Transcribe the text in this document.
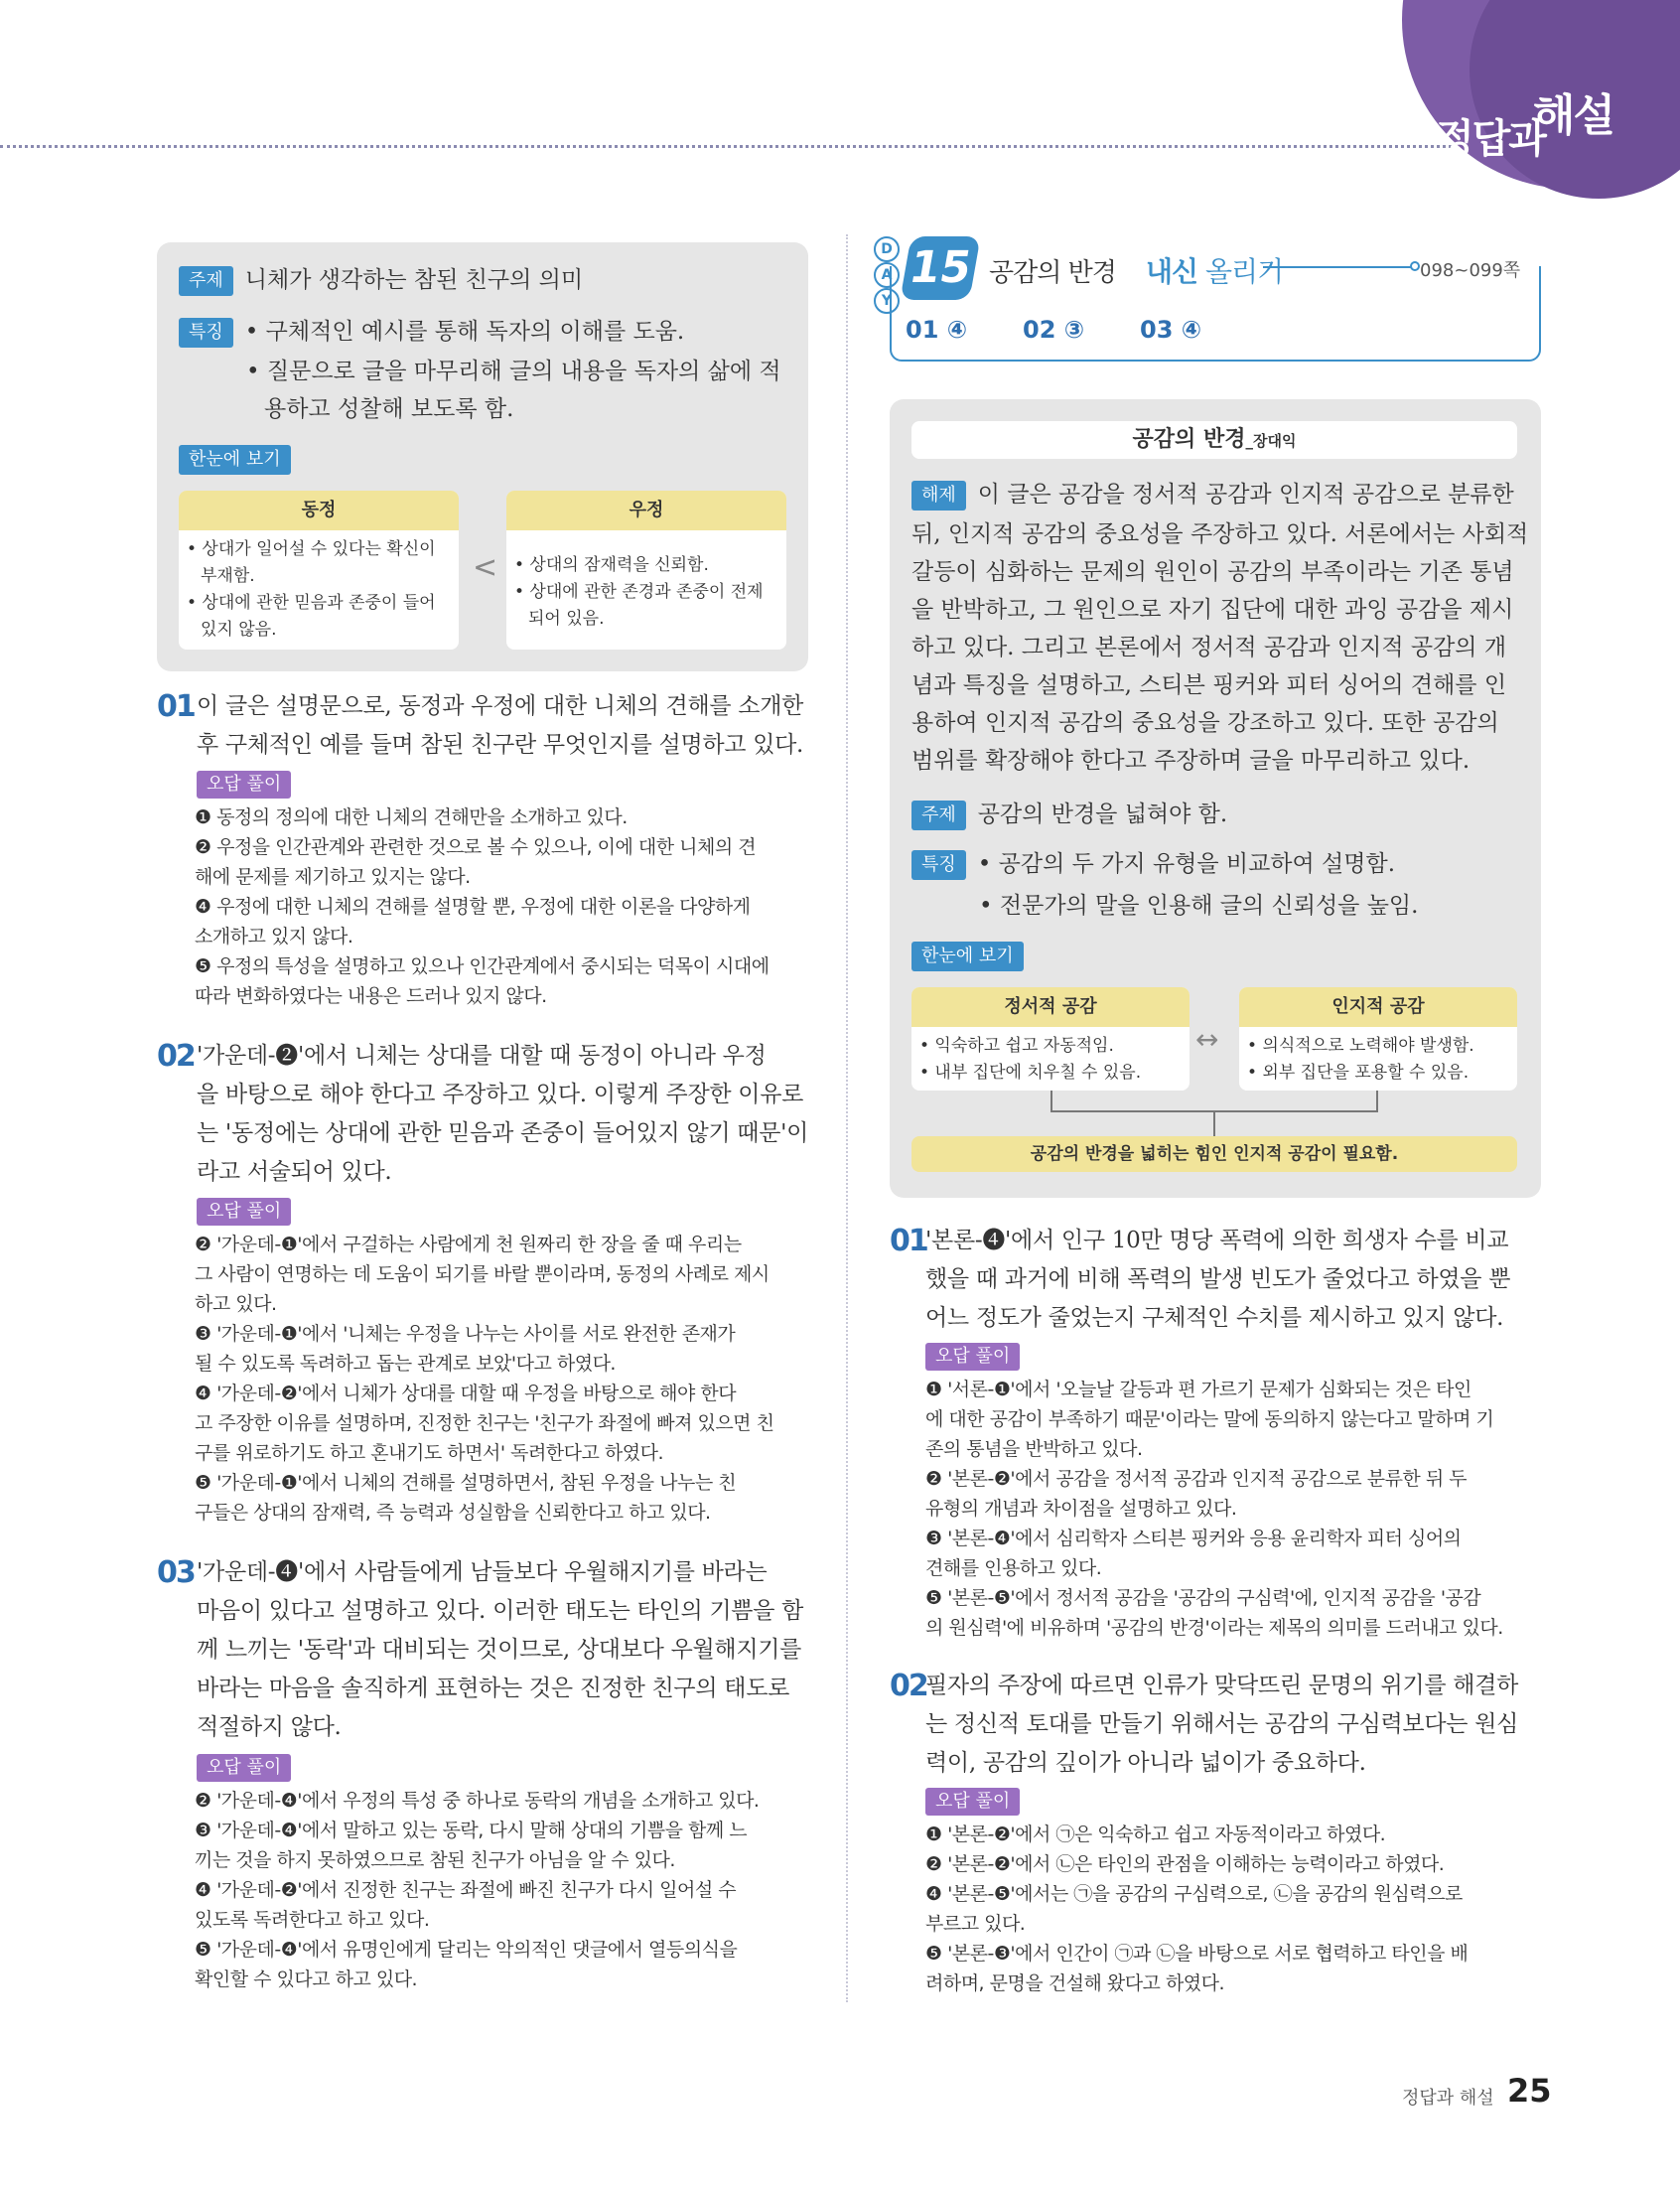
정답과
해설
주제 니체가 생각하는 참된 친구의 의미
특징 • 구체적인 예시를 통해 독자의 이해를 도움.
• 질문으로 글을 마무리해 글의 내용을 독자의 삶에 적
용하고 성찰해 보도록 함.
한눈에 보기
동정
• 상대가 일어설 수 있다는 확신이
부재함.
• 상대에 관한 믿음과 존중이 들어
있지 않음.
<
우정
• 상대의 잠재력을 신뢰함.
• 상대에 관한 존경과 존중이 전제
되어 있음.
01 이 글은 설명문으로, 동정과 우정에 대한 니체의 견해를 소개한
후 구체적인 예를 들며 참된 친구란 무엇인지를 설명하고 있다.
오답 풀이
❶ 동정의 정의에 대한 니체의 견해만을 소개하고 있다.
❷ 우정을 인간관계와 관련한 것으로 볼 수 있으나, 이에 대한 니체의 견
해에 문제를 제기하고 있지는 않다.
❹ 우정에 대한 니체의 견해를 설명할 뿐, 우정에 대한 이론을 다양하게
소개하고 있지 않다.
❺ 우정의 특성을 설명하고 있으나 인간관계에서 중시되는 덕목이 시대에
따라 변화하였다는 내용은 드러나 있지 않다.
02 '가운데-❷'에서 니체는 상대를 대할 때 동정이 아니라 우정
을 바탕으로 해야 한다고 주장하고 있다. 이렇게 주장한 이유로
는 '동정에는 상대에 관한 믿음과 존중이 들어있지 않기 때문'이
라고 서술되어 있다.
오답 풀이
❷ '가운데-❶'에서 구걸하는 사람에게 천 원짜리 한 장을 줄 때 우리는
그 사람이 연명하는 데 도움이 되기를 바랄 뿐이라며, 동정의 사례로 제시
하고 있다.
❸ '가운데-❶'에서 '니체는 우정을 나누는 사이를 서로 완전한 존재가
될 수 있도록 독려하고 돕는 관계로 보았'다고 하였다.
❹ '가운데-❷'에서 니체가 상대를 대할 때 우정을 바탕으로 해야 한다
고 주장한 이유를 설명하며, 진정한 친구는 '친구가 좌절에 빠져 있으면 친
구를 위로하기도 하고 혼내기도 하면서' 독려한다고 하였다.
❺ '가운데-❶'에서 니체의 견해를 설명하면서, 참된 우정을 나누는 친
구들은 상대의 잠재력, 즉 능력과 성실함을 신뢰한다고 하고 있다.
03 '가운데-❹'에서 사람들에게 남들보다 우월해지기를 바라는
마음이 있다고 설명하고 있다. 이러한 태도는 타인의 기쁨을 함
께 느끼는 '동락'과 대비되는 것이므로, 상대보다 우월해지기를
바라는 마음을 솔직하게 표현하는 것은 진정한 친구의 태도로
적절하지 않다.
오답 풀이
❷ '가운데-❹'에서 우정의 특성 중 하나로 동락의 개념을 소개하고 있다.
❸ '가운데-❹'에서 말하고 있는 동락, 다시 말해 상대의 기쁨을 함께 느
끼는 것을 하지 못하였으므로 참된 친구가 아님을 알 수 있다.
❹ '가운데-❷'에서 진정한 친구는 좌절에 빠진 친구가 다시 일어설 수
있도록 독려한다고 하고 있다.
❺ '가운데-❹'에서 유명인에게 달리는 악의적인 댓글에서 열등의식을
확인할 수 있다고 하고 있다.
D
A
Y
15 공감의 반경 내신 올리기	098~099쪽
01 ④ 02 ③ 03 ④
공감의 반경_장대익
해제 이 글은 공감을 정서적 공감과 인지적 공감으로 분류한
뒤, 인지적 공감의 중요성을 주장하고 있다. 서론에서는 사회적
갈등이 심화하는 문제의 원인이 공감의 부족이라는 기존 통념
을 반박하고, 그 원인으로 자기 집단에 대한 과잉 공감을 제시
하고 있다. 그리고 본론에서 정서적 공감과 인지적 공감의 개
념과 특징을 설명하고, 스티븐 핑커와 피터 싱어의 견해를 인
용하여 인지적 공감의 중요성을 강조하고 있다. 또한 공감의
범위를 확장해야 한다고 주장하며 글을 마무리하고 있다.
주제 공감의 반경을 넓혀야 함.
특징 • 공감의 두 가지 유형을 비교하여 설명함.
• 전문가의 말을 인용해 글의 신뢰성을 높임.
한눈에 보기
정서적 공감
• 익숙하고 쉽고 자동적임.
• 내부 집단에 치우칠 수 있음.
↔
인지적 공감
• 의식적으로 노력해야 발생함.
• 외부 집단을 포용할 수 있음.
공감의 반경을 넓히는 힘인 인지적 공감이 필요함.
01
'본론-❹'에서 인구 10만 명당 폭력에 의한 희생자 수를 비교
했을 때 과거에 비해 폭력의 발생 빈도가 줄었다고 하였을 뿐
어느 정도가 줄었는지 구체적인 수치를 제시하고 있지 않다.
오답 풀이
❶ '서론-❶'에서 '오늘날 갈등과 편 가르기 문제가 심화되는 것은 타인
에 대한 공감이 부족하기 때문'이라는 말에 동의하지 않는다고 말하며 기
존의 통념을 반박하고 있다.
❷ '본론-❷'에서 공감을 정서적 공감과 인지적 공감으로 분류한 뒤 두
유형의 개념과 차이점을 설명하고 있다.
❸ '본론-❹'에서 심리학자 스티븐 핑커와 응용 윤리학자 피터 싱어의
견해를 인용하고 있다.
❺ '본론-❺'에서 정서적 공감을 '공감의 구심력'에, 인지적 공감을 '공감
의 원심력'에 비유하며 '공감의 반경'이라는 제목의 의미를 드러내고 있다.
02
필자의 주장에 따르면 인류가 맞닥뜨린 문명의 위기를 해결하
는 정신적 토대를 만들기 위해서는 공감의 구심력보다는 원심
력이, 공감의 깊이가 아니라 넓이가 중요하다.
오답 풀이
❶ '본론-❷'에서 ㉠은 익숙하고 쉽고 자동적이라고 하였다.
❷ '본론-❷'에서 ㉡은 타인의 관점을 이해하는 능력이라고 하였다.
❹ '본론-❺'에서는 ㉠을 공감의 구심력으로, ㉡을 공감의 원심력으로
부르고 있다.
❺ '본론-❸'에서 인간이 ㉠과 ㉡을 바탕으로 서로 협력하고 타인을 배
려하며, 문명을 건설해 왔다고 하였다.
정답과 해설 25
